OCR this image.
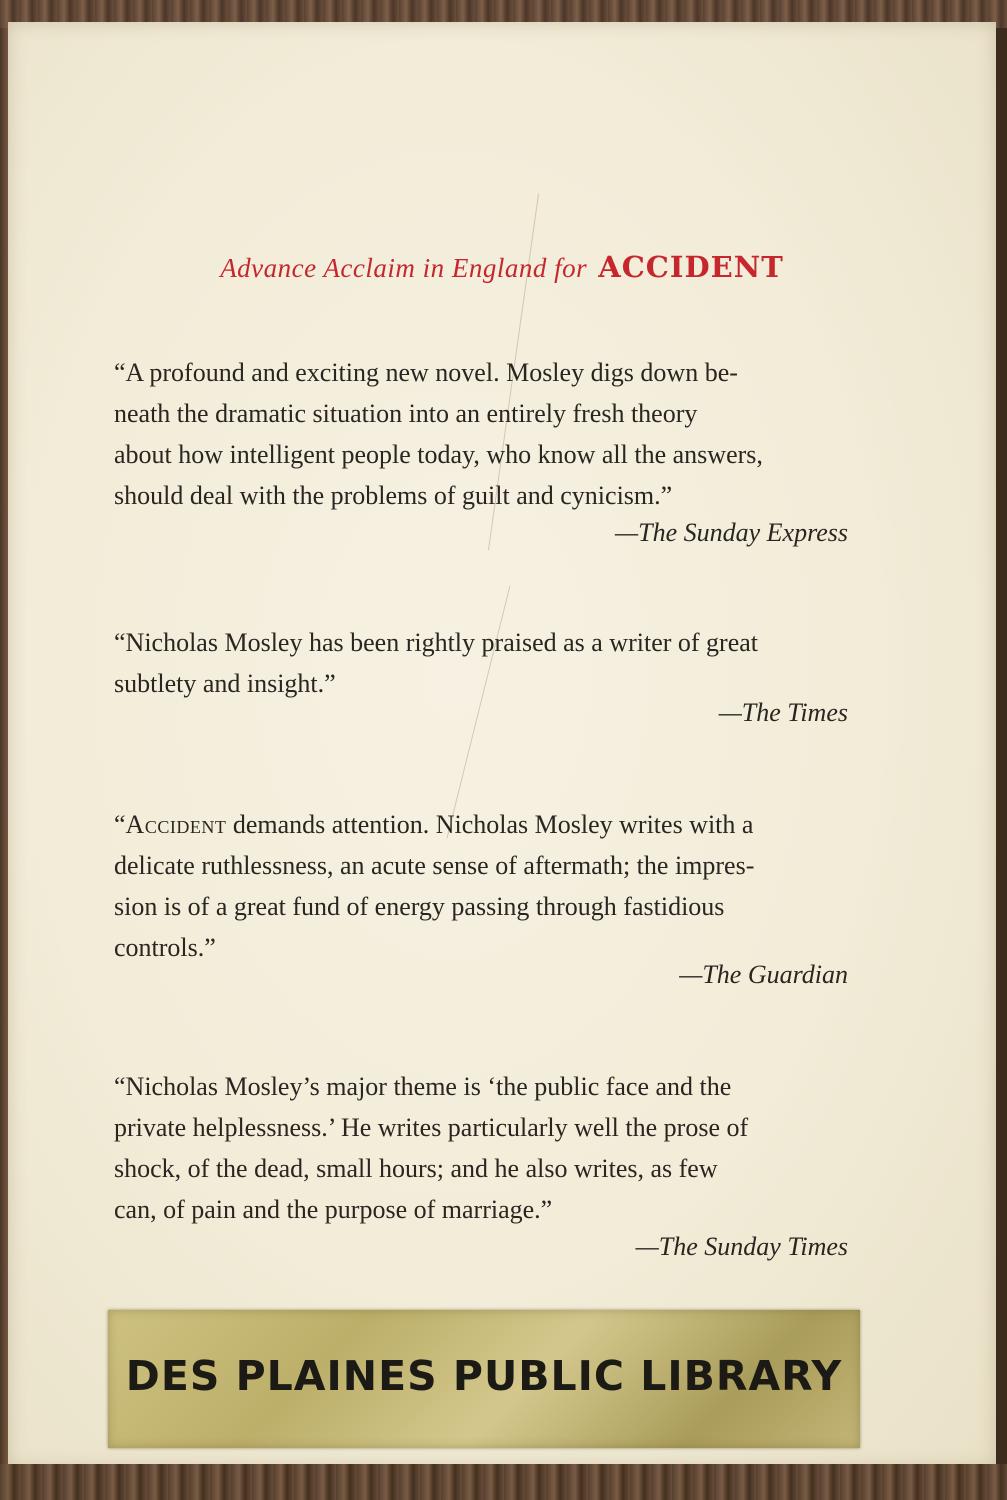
Advance Acclaim in England for ACCIDENT
“A profound and exciting new novel. Mosley digs down be-
neath the dramatic situation into an entirely fresh theory
about how intelligent people today, who know all the answers,
should deal with the problems of guilt and cynicism.”
—The Sunday Express
“Nicholas Mosley has been rightly praised as a writer of great
subtlety and insight.”
—The Times
“Accident demands attention. Nicholas Mosley writes with a
delicate ruthlessness, an acute sense of aftermath; the impres-
sion is of a great fund of energy passing through fastidious
controls.”
—The Guardian
“Nicholas Mosley’s major theme is ‘the public face and the
private helplessness.’ He writes particularly well the prose of
shock, of the dead, small hours; and he also writes, as few
can, of pain and the purpose of marriage.”
—The Sunday Times
DES PLAINES PUBLIC LIBRARY
